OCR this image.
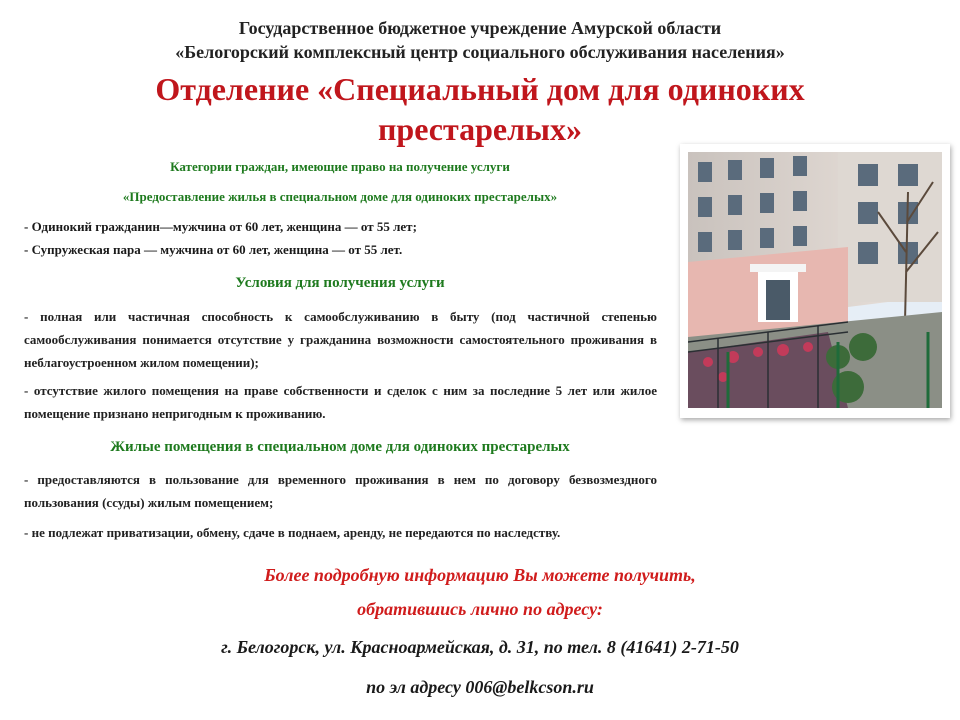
Государственное бюджетное учреждение Амурской области
«Белогорский комплексный центр социального обслуживания населения»
Отделение «Специальный дом для одиноких
престарелых»
Категории граждан, имеющие право на получение услуги
«Предоставление жилья в специальном доме для одиноких престарелых»
- Одинокий гражданин—мужчина от 60 лет, женщина — от 55 лет;
- Супружеская пара — мужчина от 60 лет, женщина — от 55 лет.
Условия для получения услуги
- полная или частичная способность к самообслуживанию в быту (под частичной степенью самообслуживания понимается отсутствие у гражданина возможности самостоятельного проживания в неблагоустроенном жилом помещении);
- отсутствие жилого помещения на праве собственности и сделок с ним за последние 5 лет или жилое помещение признано непригодным к проживанию.
Жилые помещения в специальном доме для одиноких престарелых
- предоставляются в пользование для временного проживания в нем по договору безвозмездного пользования (ссуды) жилым помещением;
- не подлежат приватизации, обмену, сдаче в поднаем, аренду, не передаются по наследству.
Более подробную информацию Вы можете получить,
обратившись лично по адресу:
г. Белогорск, ул. Красноармейская, д. 31, по тел. 8 (41641) 2-71-50
по эл адресу 006@belkcson.ru
